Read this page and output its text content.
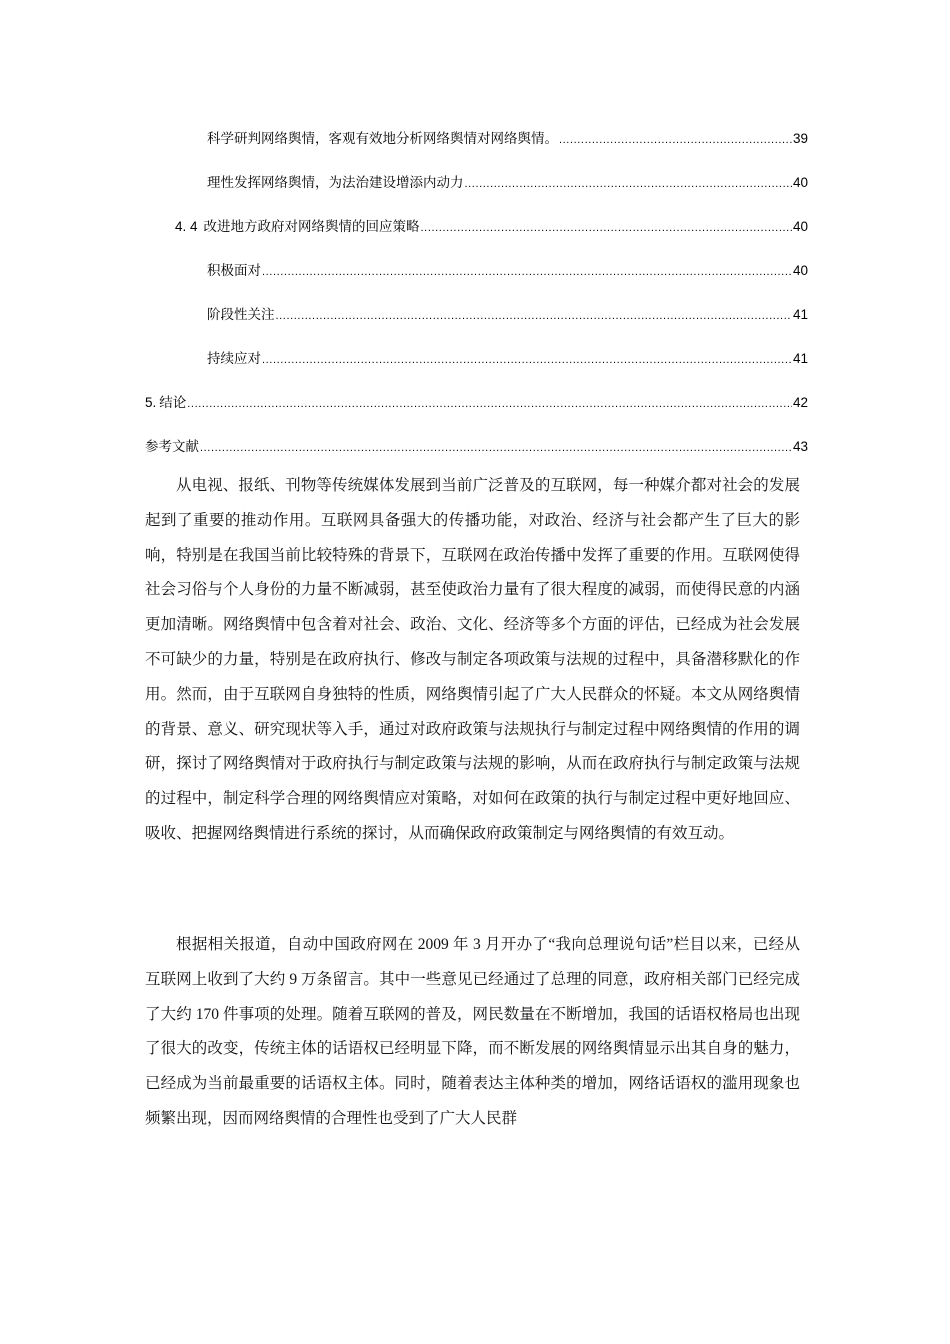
科学研判网络舆情，客观有效地分析网络舆情对网络舆情。 .....	39
理性发挥网络舆情，为法治建设增添内动力 .....	40
4. 4 改进地方政府对网络舆情的回应策略 .....	40
积极面对 .....	40
阶段性关注 .....	41
持续应对 .....	41
5. 结论 .....	42
参考文献 .....	43

从电视、报纸、刊物等传统媒体发展到当前广泛普及的互联网，每一种媒介都对社会的发展起到了重要的推动作用。互联网具备强大的传播功能，对政治、经济与社会都产生了巨大的影响，特别是在我国当前比较特殊的背景下，互联网在政治传播中发挥了重要的作用。互联网使得社会习俗与个人身份的力量不断减弱，甚至使政治力量有了很大程度的减弱，而使得民意的内涵更加清晰。网络舆情中包含着对社会、政治、文化、经济等多个方面的评估，已经成为社会发展不可缺少的力量，特别是在政府执行、修改与制定各项政策与法规的过程中，具备潜移默化的作用。然而，由于互联网自身独特的性质，网络舆情引起了广大人民群众的怀疑。本文从网络舆情的背景、意义、研究现状等入手，通过对政府政策与法规执行与制定过程中网络舆情的作用的调研，探讨了网络舆情对于政府执行与制定政策与法规的影响，从而在政府执行与制定政策与法规的过程中，制定科学合理的网络舆情应对策略，对如何在政策的执行与制定过程中更好地回应、吸收、把握网络舆情进行系统的探讨，从而确保政府政策制定与网络舆情的有效互动。

根据相关报道，自动中国政府网在 2009 年 3 月开办了“我向总理说句话”栏目以来，已经从互联网上收到了大约 9 万条留言。其中一些意见已经通过了总理的同意，政府相关部门已经完成了大约 170 件事项的处理。随着互联网的普及，网民数量在不断增加，我国的话语权格局也出现了很大的改变，传统主体的话语权已经明显下降，而不断发展的网络舆情显示出其自身的魅力，已经成为当前最重要的话语权主体。同时，随着表达主体种类的增加，网络话语权的滥用现象也频繁出现，因而网络舆情的合理性也受到了广大人民群
